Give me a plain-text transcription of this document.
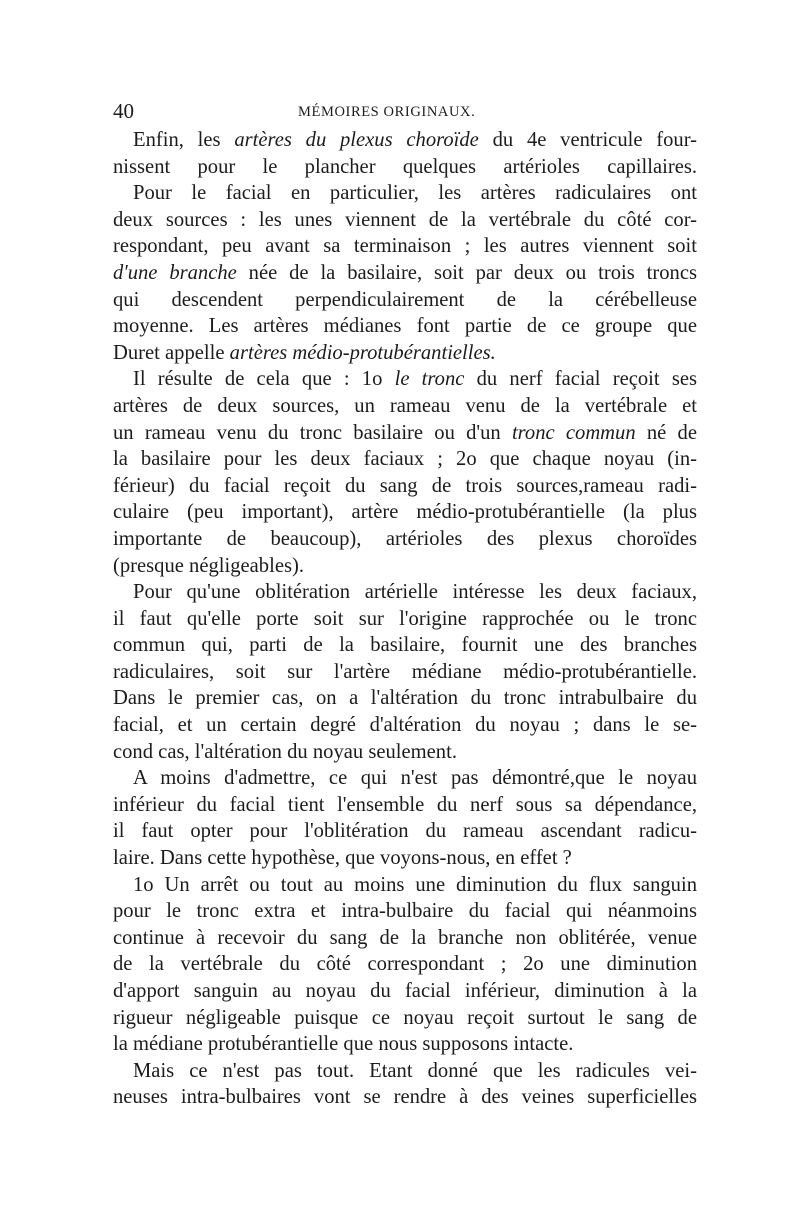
40	MÉMOIRES ORIGINAUX.
Enfin, les artères du plexus choroïde du 4e ventricule four-
nissent pour le plancher quelques artérioles capillaires.
Pour le facial en particulier, les artères radiculaires ont
deux sources : les unes viennent de la vertébrale du côté cor-
respondant, peu avant sa terminaison ; les autres viennent soit
d'une branche née de la basilaire, soit par deux ou trois troncs
qui descendent perpendiculairement de la cérébelleuse
moyenne. Les artères médianes font partie de ce groupe que
Duret appelle artères médio-protubérantielles.
Il résulte de cela que : 1o le tronc du nerf facial reçoit ses
artères de deux sources, un rameau venu de la vertébrale et
un rameau venu du tronc basilaire ou d'un tronc commun né de
la basilaire pour les deux faciaux ; 2o que chaque noyau (in-
férieur) du facial reçoit du sang de trois sources,rameau radi-
culaire (peu important), artère médio-protubérantielle (la plus
importante de beaucoup), artérioles des plexus choroïdes
(presque négligeables).
Pour qu'une oblitération artérielle intéresse les deux faciaux,
il faut qu'elle porte soit sur l'origine rapprochée ou le tronc
commun qui, parti de la basilaire, fournit une des branches
radiculaires, soit sur l'artère médiane médio-protubérantielle.
Dans le premier cas, on a l'altération du tronc intrabulbaire du
facial, et un certain degré d'altération du noyau ; dans le se-
cond cas, l'altération du noyau seulement.
A moins d'admettre, ce qui n'est pas démontré,que le noyau
inférieur du facial tient l'ensemble du nerf sous sa dépendance,
il faut opter pour l'oblitération du rameau ascendant radicu-
laire. Dans cette hypothèse, que voyons-nous, en effet ?
1o Un arrêt ou tout au moins une diminution du flux sanguin
pour le tronc extra et intra-bulbaire du facial qui néanmoins
continue à recevoir du sang de la branche non oblitérée, venue
de la vertébrale du côté correspondant ; 2o une diminution
d'apport sanguin au noyau du facial inférieur, diminution à la
rigueur négligeable puisque ce noyau reçoit surtout le sang de
la médiane protubérantielle que nous supposons intacte.
Mais ce n'est pas tout. Etant donné que les radicules vei-
neuses intra-bulbaires vont se rendre à des veines superficielles
